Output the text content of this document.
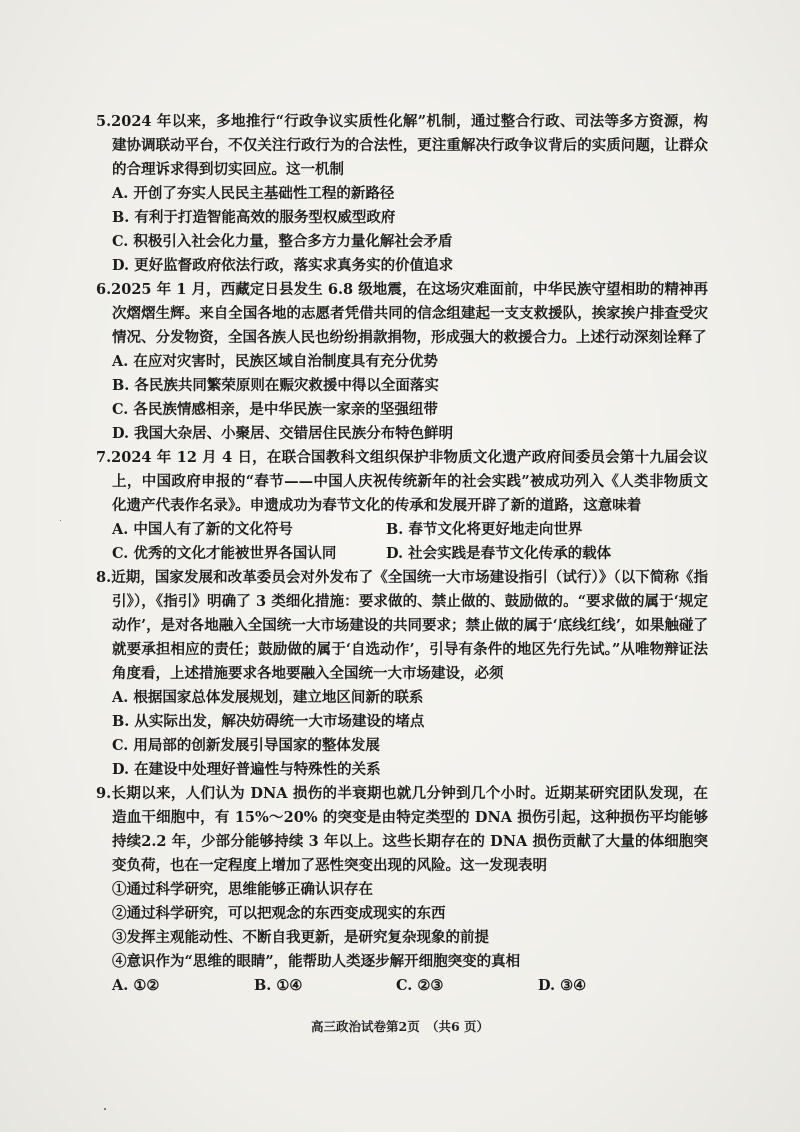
5.2024 年以来，多地推行“行政争议实质性化解”机制，通过整合行政、司法等多方资源，构建协调联动平台，不仅关注行政行为的合法性，更注重解决行政争议背后的实质问题，让群众的合理诉求得到切实回应。这一机制

A. 开创了夯实人民民主基础性工程的新路径

B. 有利于打造智能高效的服务型权威型政府

C. 积极引入社会化力量，整合多方力量化解社会矛盾

D. 更好监督政府依法行政，落实求真务实的价值追求

6.2025 年 1 月，西藏定日县发生 6.8 级地震，在这场灾难面前，中华民族守望相助的精神再次熠熠生辉。来自全国各地的志愿者凭借共同的信念组建起一支支救援队，挨家挨户排查受灾情况、分发物资，全国各族人民也纷纷捐款捐物，形成强大的救援合力。上述行动深刻诠释了

A. 在应对灾害时，民族区域自治制度具有充分优势

B. 各民族共同繁荣原则在赈灾救援中得以全面落实

C. 各民族情感相亲，是中华民族一家亲的坚强纽带

D. 我国大杂居、小聚居、交错居住民族分布特色鲜明

7.2024 年 12 月 4 日，在联合国教科文组织保护非物质文化遗产政府间委员会第十九届会议上，中国政府申报的“春节——中国人庆祝传统新年的社会实践”被成功列入《人类非物质文化遗产代表作名录》。申遗成功为春节文化的传承和发展开辟了新的道路，这意味着

A. 中国人有了新的文化符号	B. 春节文化将更好地走向世界
C. 优秀的文化才能被世界各国认同	D. 社会实践是春节文化传承的载体

8.近期，国家发展和改革委员会对外发布了《全国统一大市场建设指引（试行）》（以下简称《指引》），《指引》明确了 3 类细化措施：要求做的、禁止做的、鼓励做的。“要求做的属于‘规定动作’，是对各地融入全国统一大市场建设的共同要求；禁止做的属于‘底线红线’，如果触碰了就要承担相应的责任；鼓励做的属于‘自选动作’，引导有条件的地区先行先试。”从唯物辩证法角度看，上述措施要求各地要融入全国统一大市场建设，必须

A. 根据国家总体发展规划，建立地区间新的联系

B. 从实际出发，解决妨碍统一大市场建设的堵点

C. 用局部的创新发展引导国家的整体发展

D. 在建设中处理好普遍性与特殊性的关系

9.长期以来，人们认为 DNA 损伤的半衰期也就几分钟到几个小时。近期某研究团队发现，在造血干细胞中，有 15%～20% 的突变是由特定类型的 DNA 损伤引起，这种损伤平均能够持续2.2 年，少部分能够持续 3 年以上。这些长期存在的 DNA 损伤贡献了大量的体细胞突变负荷，也在一定程度上增加了恶性突变出现的风险。这一发现表明

①通过科学研究，思维能够正确认识存在

②通过科学研究，可以把观念的东西变成现实的东西

③发挥主观能动性、不断自我更新，是研究复杂现象的前提

④意识作为“思维的眼睛”，能帮助人类逐步解开细胞突变的真相

A. ①②	B. ①④	C. ②③	D. ③④
高三政治试卷第2页　（共6 页）
